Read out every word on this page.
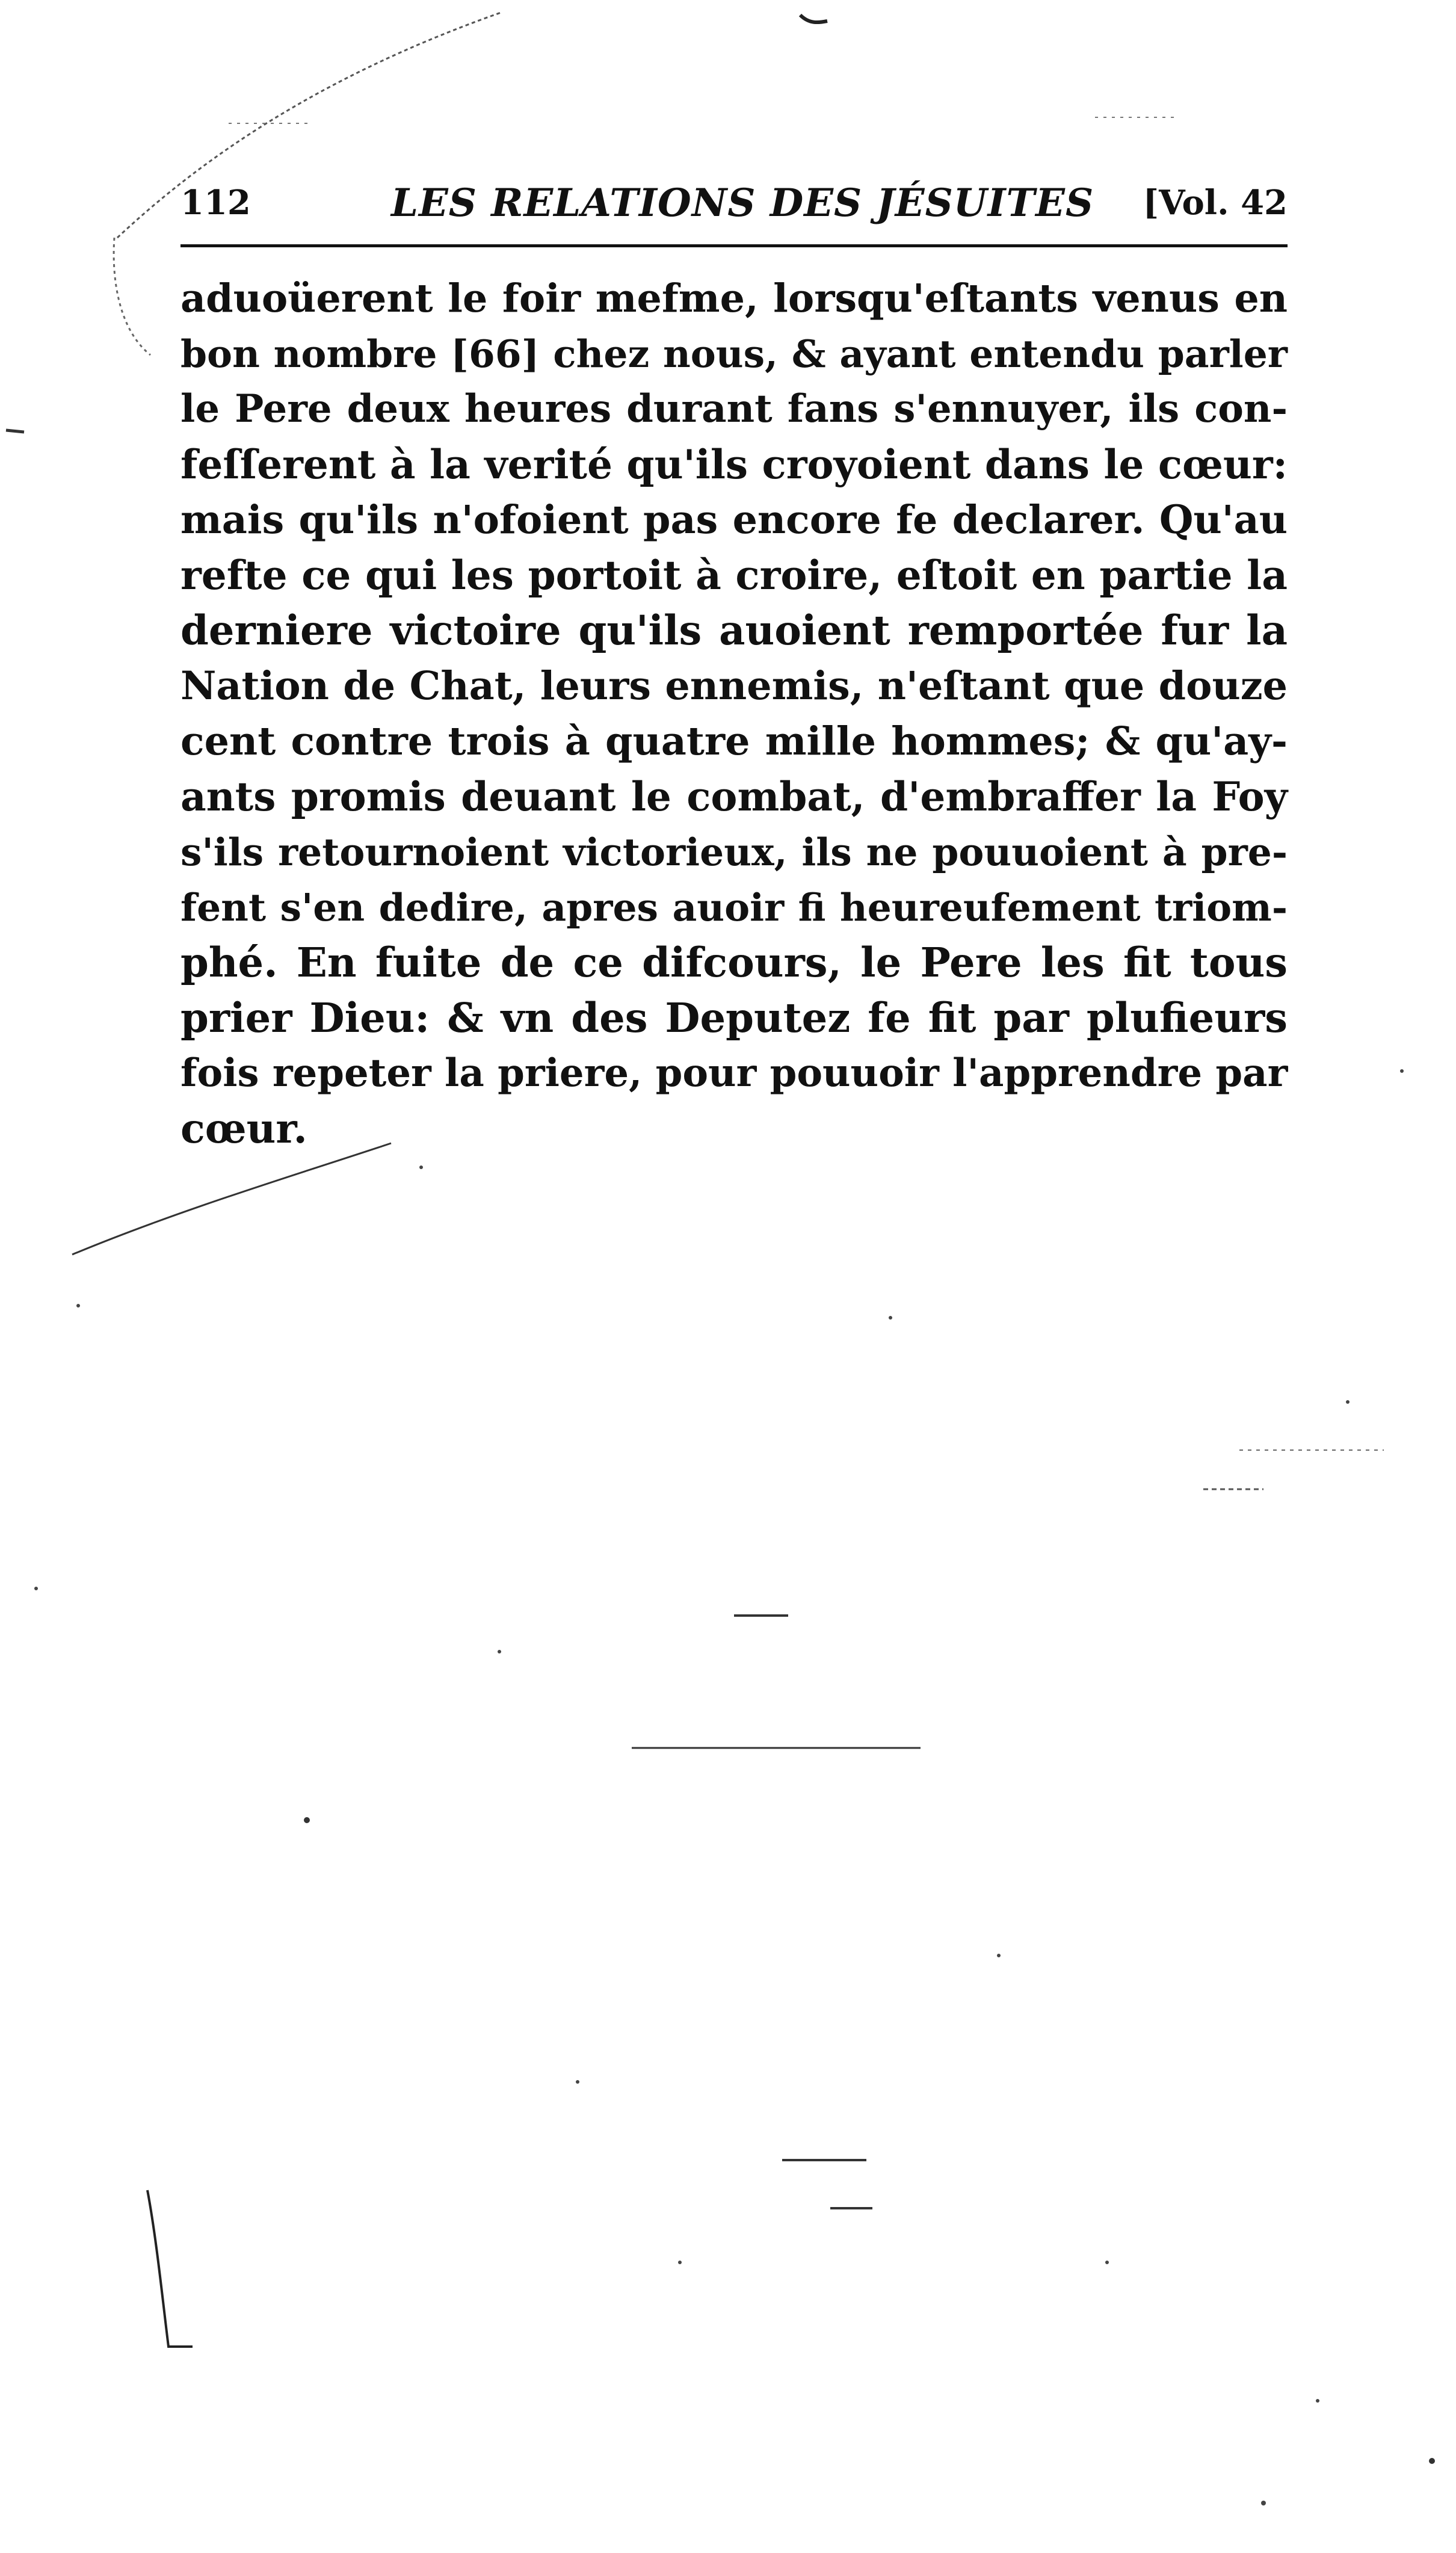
112	LES RELATIONS DES JÉSUITES [Vol. 42
aduoüerent le foir mefme, lorsqu'eſtants venus en
bon nombre [66] chez nous, & ayant entendu parler
le Pere deux heures durant fans s'ennuyer, ils con-
feſſerent à la verité qu'ils croyoient dans le cœur:
mais qu'ils n'ofoient pas encore fe declarer. Qu'au
refte ce qui les portoit à croire, eſtoit en partie la
derniere victoire qu'ils auoient remportée fur la
Nation de Chat, leurs ennemis, n'eſtant que douze
cent contre trois à quatre mille hommes; & qu'ay-
ants promis deuant le combat, d'embraffer la Foy
s'ils retournoient victorieux, ils ne pouuoient à pre-
fent s'en dedire, apres auoir fi heureufement triom-
phé. En fuite de ce difcours, le Pere les fit tous
prier Dieu: & vn des Deputez fe fit par plufieurs
fois repeter la priere, pour pouuoir l'apprendre par
cœur.
